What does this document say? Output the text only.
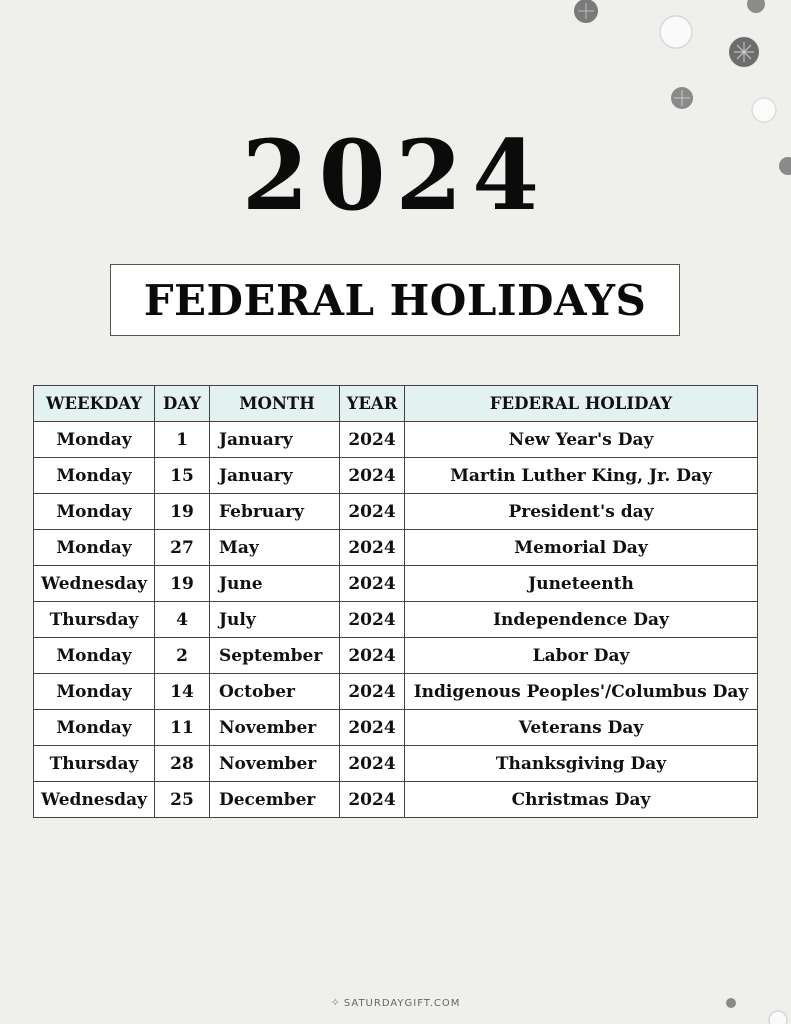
2024
FEDERAL HOLIDAYS
WEEKDAY	DAY	MONTH	YEAR	FEDERAL HOLIDAY
Monday	1	January	2024	New Year's Day
Monday	15	January	2024	Martin Luther King, Jr. Day
Monday	19	February	2024	President's day
Monday	27	May	2024	Memorial Day
Wednesday	19	June	2024	Juneteenth
Thursday	4	July	2024	Independence Day
Monday	2	September	2024	Labor Day
Monday	14	October	2024	Indigenous Peoples'/Columbus Day
Monday	11	November	2024	Veterans Day
Thursday	28	November	2024	Thanksgiving Day
Wednesday	25	December	2024	Christmas Day
✧ SATURDAYGIFT.COM
